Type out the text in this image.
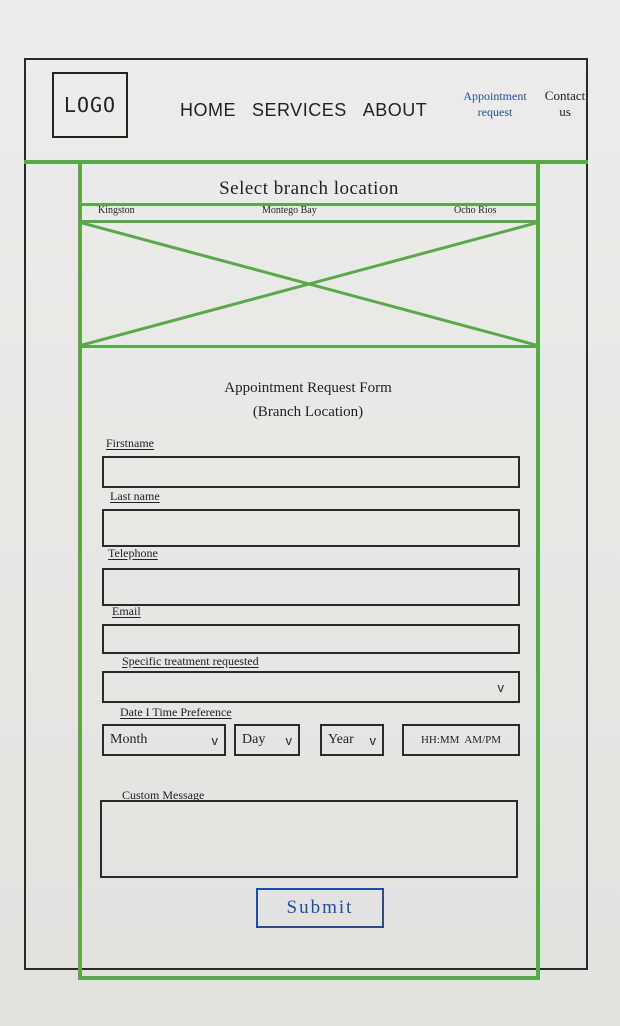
LOGO	HOME SERVICES ABOUT
Appointment
request
Contact
us
Select branch location
Kingston	Montego Bay	Ocho Rios
Appointment Request Form
(Branch Location)
Firstname
Last name
Telephone
Email
Specific treatment requested
v
Date I Time Preference
Month	v Day v	Year v	HH:MM  AM/PM
Custom Message
Submit
